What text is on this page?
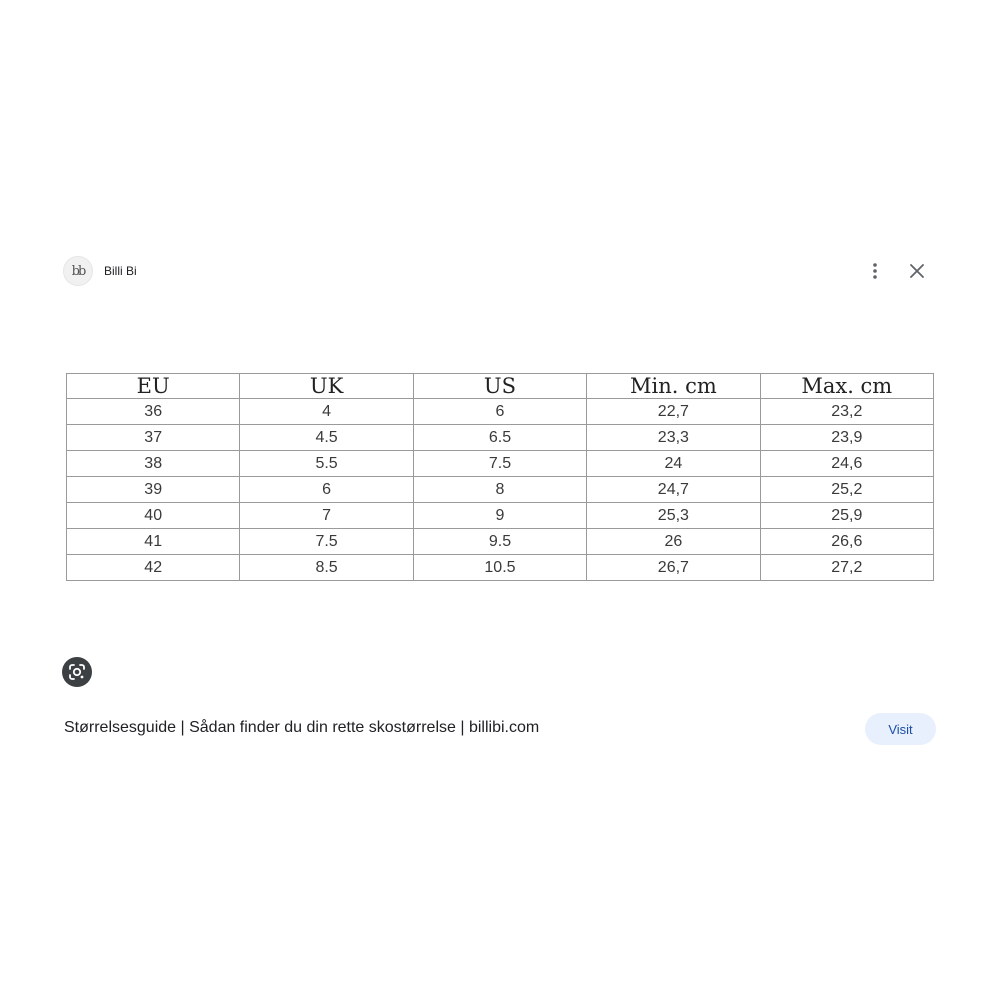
bb	Billi Bi
EU	UK	US	Min. cm	Max. cm
36	4	6	22,7	23,2
37	4.5	6.5	23,3	23,9
38	5.5	7.5	24	24,6
39	6	8	24,7	25,2
40	7	9	25,3	25,9
41	7.5	9.5	26	26,6
42	8.5	10.5	26,7	27,2
Størrelsesguide | Sådan finder du din rette skostørrelse | billibi.com	Visit
